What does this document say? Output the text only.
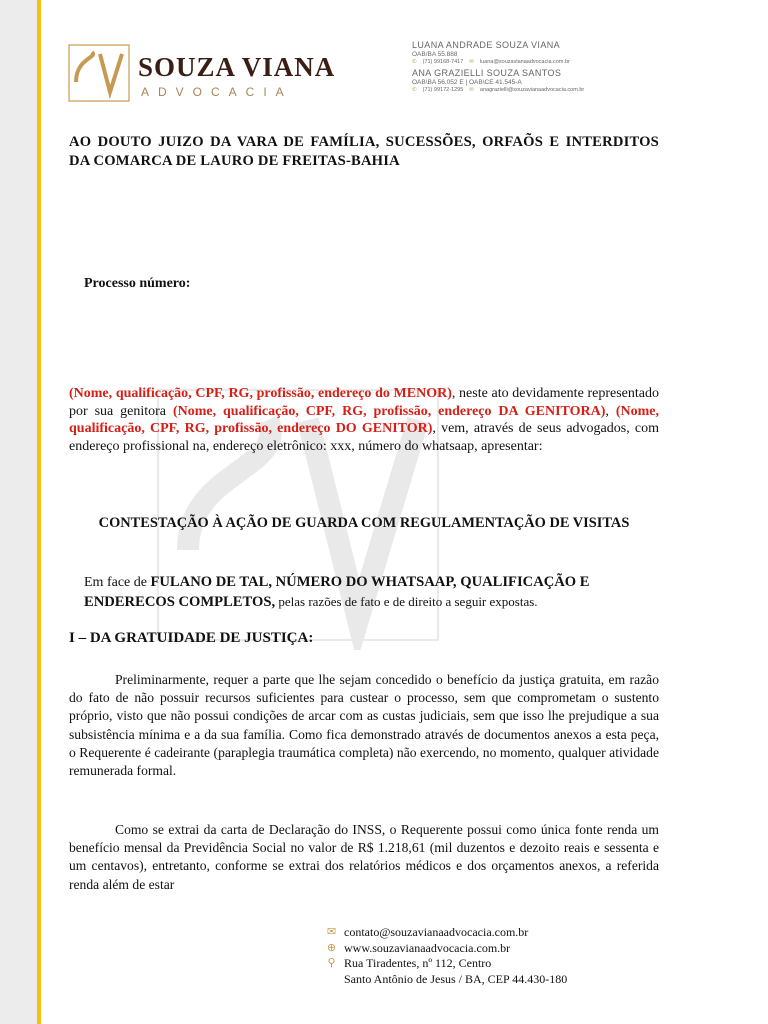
SOUZA VIANA
ADVOCACIA
LUANA ANDRADE SOUZA VIANA
OAB/BA 55.888
✆ (71) 99168-7417 ✉ luana@souzavianaadvocacia.com.br
ANA GRAZIELLI SOUZA SANTOS
OAB\BA 56.052 E | OAB\CE 41.545-A
✆ (71) 99172-1295 ✉ anagrazielli@souzavianaadvocacia.com.br
AO DOUTO JUIZO DA VARA DE FAMÍLIA, SUCESSÕES, ORFAÕS E INTERDITOS DA COMARCA DE LAURO DE FREITAS-BAHIA
Processo número:
(Nome, qualificação, CPF, RG, profissão, endereço do MENOR), neste ato devidamente representado por sua genitora (Nome, qualificação, CPF, RG, profissão, endereço DA GENITORA), (Nome, qualificação, CPF, RG, profissão, endereço DO GENITOR), vem, através de seus advogados, com endereço profissional na, endereço eletrônico: xxx, número do whatsaap, apresentar:
CONTESTAÇÃO À AÇÃO DE GUARDA COM REGULAMENTAÇÃO DE VISITAS
Em face de FULANO DE TAL, NÚMERO DO WHATSAAP, QUALIFICAÇÃO E ENDERECOS COMPLETOS, pelas razões de fato e de direito a seguir expostas.
I – DA GRATUIDADE DE JUSTIÇA:
Preliminarmente, requer a parte que lhe sejam concedido o benefício da justiça gratuita, em razão do fato de não possuir recursos suficientes para custear o processo, sem que comprometam o sustento próprio, visto que não possui condições de arcar com as custas judiciais, sem que isso lhe prejudique a sua subsistência mínima e a da sua família. Como fica demonstrado através de documentos anexos a esta peça, o Requerente é cadeirante (paraplegia traumática completa) não exercendo, no momento, qualquer atividade remunerada formal.
Como se extrai da carta de Declaração do INSS, o Requerente possui como única fonte renda um benefício mensal da Previdência Social no valor de R$ 1.218,61 (mil duzentos e dezoito reais e sessenta e um centavos), entretanto, conforme se extrai dos relatórios médicos e dos orçamentos anexos, a referida renda além de estar
✉ contato@souzavianaadvocacia.com.br
⊕ www.souzavianaadvocacia.com.br
⚲ Rua Tiradentes, nº 112, Centro
Santo Antônio de Jesus / BA, CEP 44.430-180
